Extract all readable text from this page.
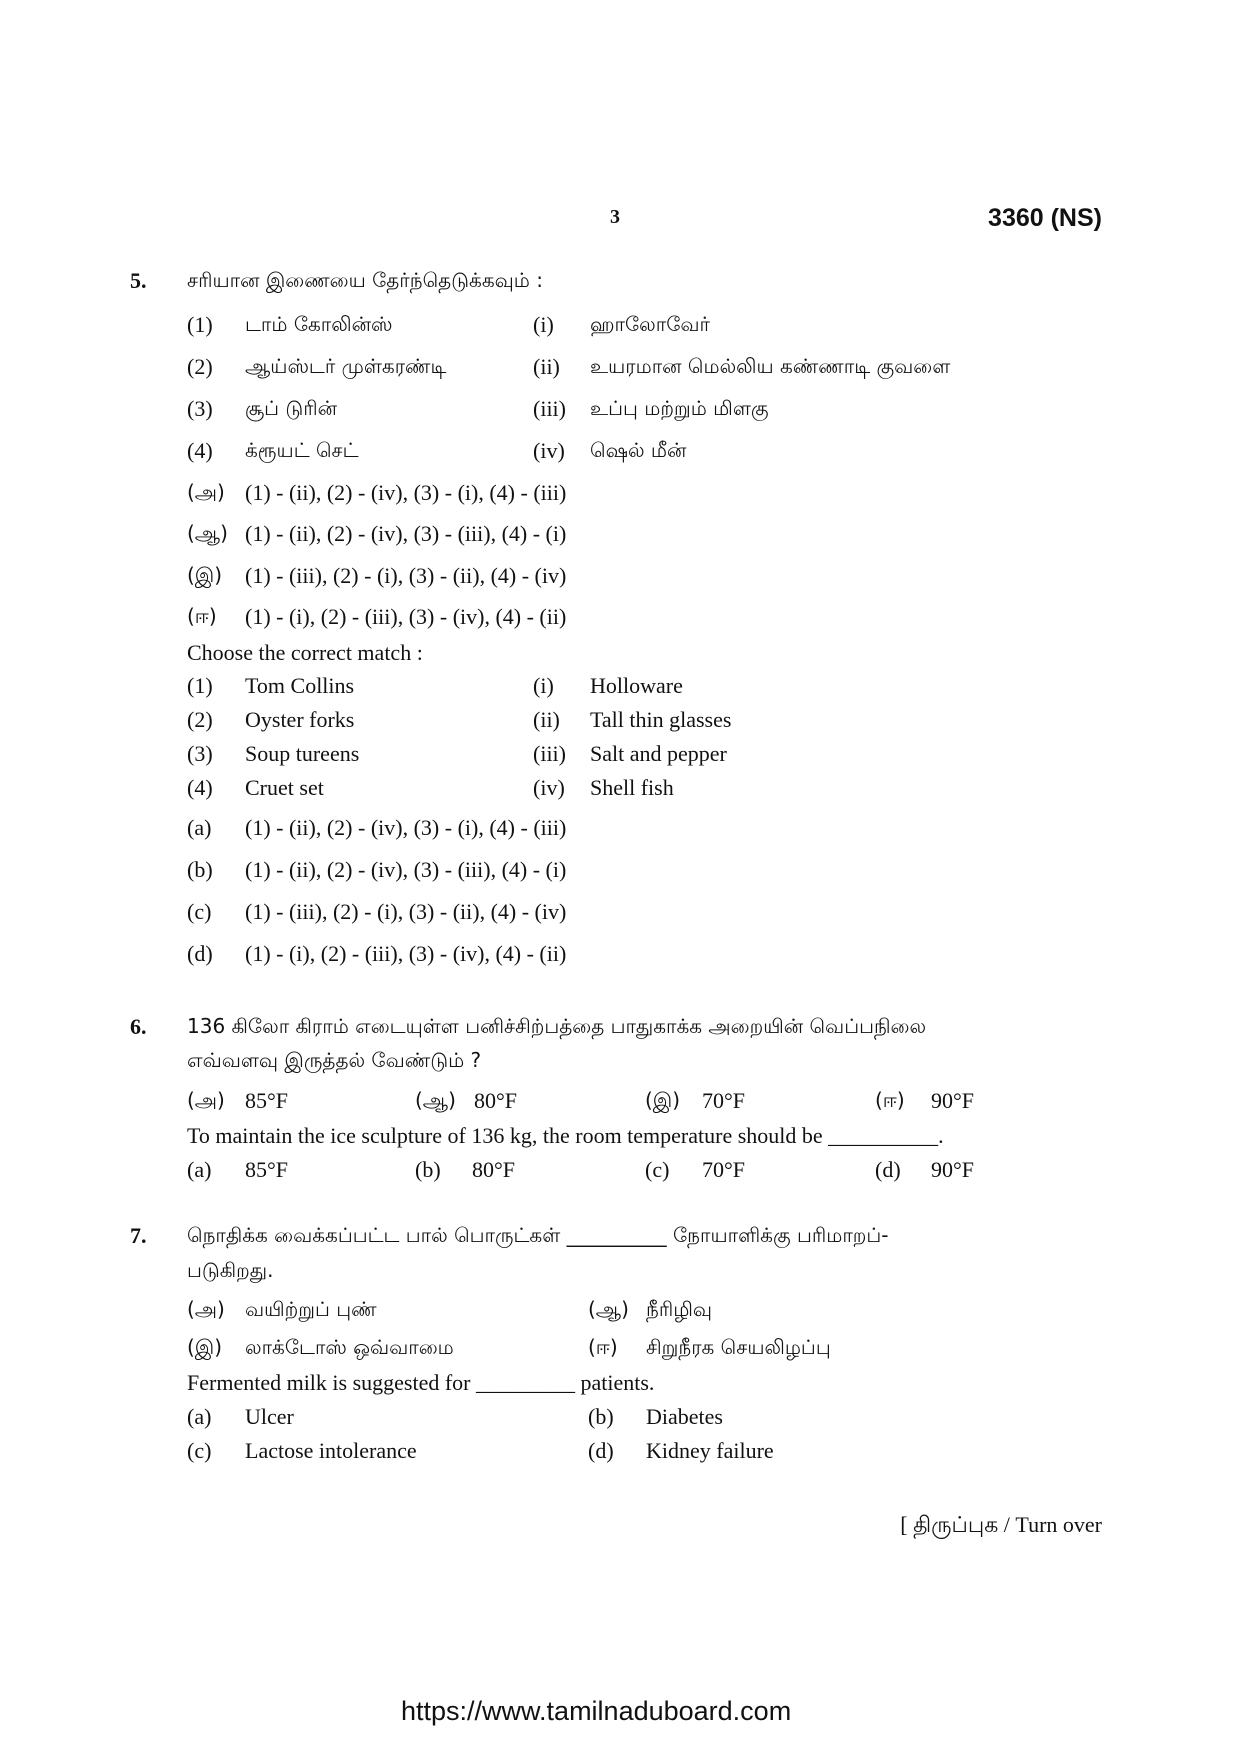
3	3360 (NS)
5. சரியான இணையை தேர்ந்தெடுக்கவும் :
(1) டாம் கோலின்ஸ்	(i) ஹாலோவேர்
(2) ஆய்ஸ்டர் முள்கரண்டி	(ii) உயரமான மெல்லிய கண்ணாடி குவளை
(3) சூப் டுரின்	(iii) உப்பு மற்றும் மிளகு
(4) க்ரூயட் செட்	(iv) ஷெல் மீன்
(அ) (1) - (ii), (2) - (iv), (3) - (i), (4) - (iii)
(ஆ) (1) - (ii), (2) - (iv), (3) - (iii), (4) - (i)
(இ) (1) - (iii), (2) - (i), (3) - (ii), (4) - (iv)
(ஈ) (1) - (i), (2) - (iii), (3) - (iv), (4) - (ii)
Choose the correct match :
(1) Tom Collins	(i) Holloware
(2) Oyster forks	(ii) Tall thin glasses
(3) Soup tureens	(iii) Salt and pepper
(4) Cruet set	(iv) Shell fish
(a) (1) - (ii), (2) - (iv), (3) - (i), (4) - (iii)
(b) (1) - (ii), (2) - (iv), (3) - (iii), (4) - (i)
(c) (1) - (iii), (2) - (i), (3) - (ii), (4) - (iv)
(d) (1) - (i), (2) - (iii), (3) - (iv), (4) - (ii)
6. 136 கிலோ கிராம் எடையுள்ள பனிச்சிற்பத்தை பாதுகாக்க அறையின் வெப்பநிலை
எவ்வளவு இருத்தல் வேண்டும் ?
(அ) 85°F	(ஆ) 80°F	(இ) 70°F	(ஈ) 90°F
To maintain the ice sculpture of 136 kg, the room temperature should be __________.
(a) 85°F	(b) 80°F	(c) 70°F	(d) 90°F
7. நொதிக்க வைக்கப்பட்ட பால் பொருட்கள் __________ நோயாளிக்கு பரிமாறப்-
படுகிறது.
(அ) வயிற்றுப் புண்	(ஆ) நீரிழிவு
(இ) லாக்டோஸ் ஒவ்வாமை	(ஈ) சிறுநீரக செயலிழப்பு
Fermented milk is suggested for _________ patients.
(a) Ulcer	(b) Diabetes
(c) Lactose intolerance	(d) Kidney failure
[ திருப்புக / Turn over
https://www.tamilnaduboard.com
